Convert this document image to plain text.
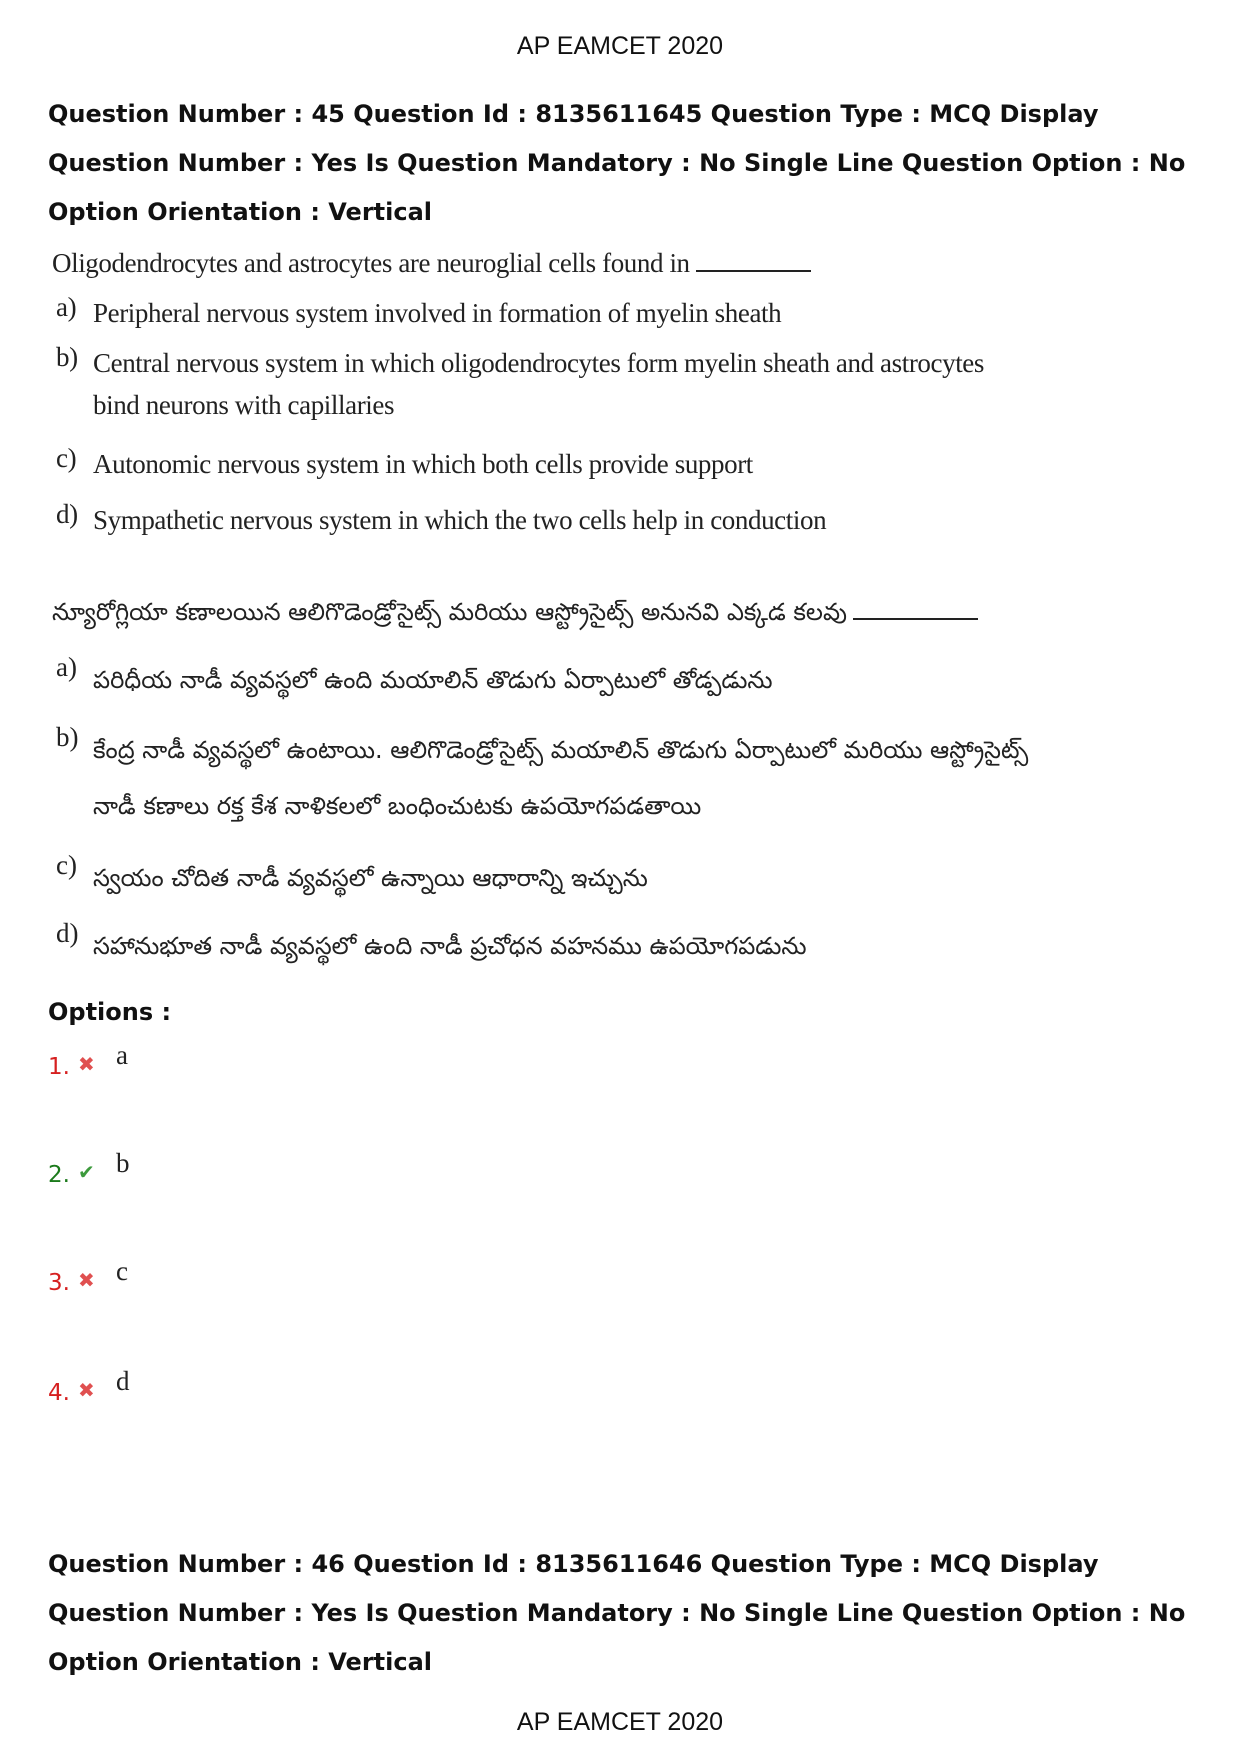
AP EAMCET 2020
Question Number : 45 Question Id : 8135611645 Question Type : MCQ Display Question Number : Yes Is Question Mandatory : No Single Line Question Option : No Option Orientation : Vertical
Oligodendrocytes and astrocytes are neuroglial cells found in
a) Peripheral nervous system involved in formation of myelin sheath
b) Central nervous system in which oligodendrocytes form myelin sheath and astrocytes
bind neurons with capillaries
c) Autonomic nervous system in which both cells provide support
d) Sympathetic nervous system in which the two cells help in conduction
న్యూరోగ్లియా కణాలయిన ఆలిగొడెండ్రోసైట్స్ మరియు ఆస్ట్రోసైట్స్ అనునవి ఎక్కడ కలవు
a) పరిధీయ నాడీ వ్యవస్థలో ఉంది మయాలిన్ తొడుగు ఏర్పాటులో తోడ్పడును
b) కేంద్ర నాడీ వ్యవస్థలో ఉంటాయి. ఆలిగొడెండ్రోసైట్స్ మయాలిన్ తొడుగు ఏర్పాటులో మరియు ఆస్ట్రోసైట్స్
నాడీ కణాలు రక్త కేశ నాళికలలో బంధించుటకు ఉపయోగపడతాయి
c) స్వయం చోదిత నాడీ వ్యవస్థలో ఉన్నాయి ఆధారాన్ని ఇచ్చును
d) సహానుభూత నాడీ వ్యవస్థలో ఉంది నాడీ ప్రచోధన వహనము ఉపయోగపడును
Options :
1. ✖ a
2. ✔ b
3. ✖ c
4. ✖ d
Question Number : 46 Question Id : 8135611646 Question Type : MCQ Display Question Number : Yes Is Question Mandatory : No Single Line Question Option : No Option Orientation : Vertical
AP EAMCET 2020
